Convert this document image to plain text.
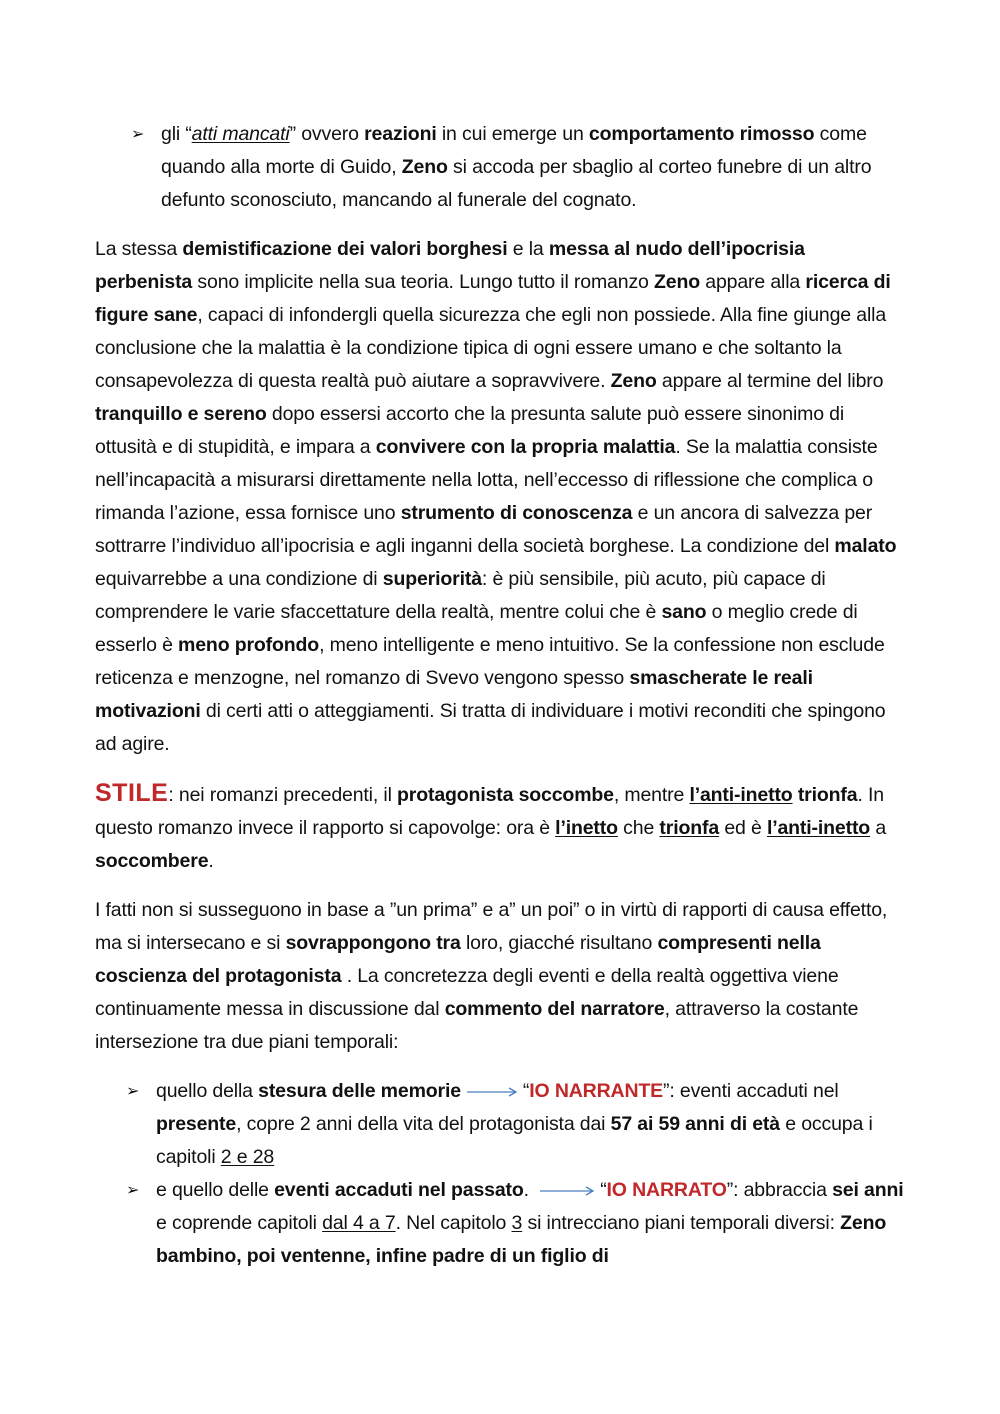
➢ gli “atti mancati” ovvero reazioni in cui emerge un comportamento rimosso come quando alla morte di Guido, Zeno si accoda per sbaglio al corteo funebre di un altro defunto sconosciuto, mancando al funerale del cognato.

La stessa demistificazione dei valori borghesi e la messa al nudo dell’ipocrisia perbenista sono implicite nella sua teoria. Lungo tutto il romanzo Zeno appare alla ricerca di figure sane, capaci di infondergli quella sicurezza che egli non possiede. Alla fine giunge alla conclusione che la malattia è la condizione tipica di ogni essere umano e che soltanto la consapevolezza di questa realtà può aiutare a sopravvivere. Zeno appare al termine del libro tranquillo e sereno dopo essersi accorto che la presunta salute può essere sinonimo di ottusità e di stupidità, e impara a convivere con la propria malattia. Se la malattia consiste nell’incapacità a misurarsi direttamente nella lotta, nell’eccesso di riflessione che complica o rimanda l’azione, essa fornisce uno strumento di conoscenza e un ancora di salvezza per sottrarre l’individuo all’ipocrisia e agli inganni della società borghese. La condizione del malato equivarrebbe a una condizione di superiorità: è più sensibile, più acuto, più capace di comprendere le varie sfaccettature della realtà, mentre colui che è sano o meglio crede di esserlo è meno profondo, meno intelligente e meno intuitivo. Se la confessione non esclude reticenza e menzogne, nel romanzo di Svevo vengono spesso smascherate le reali motivazioni di certi atti o atteggiamenti. Si tratta di individuare i motivi reconditi che spingono ad agire.

STILE: nei romanzi precedenti, il protagonista soccombe, mentre l’anti-inetto trionfa. In questo romanzo invece il rapporto si capovolge: ora è l’inetto che trionfa ed è l’anti-inetto a soccombere.

I fatti non si susseguono in base a ”un prima” e a” un poi” o in virtù di rapporti di causa effetto, ma si intersecano e si sovrappongono tra loro, giacché risultano compresenti nella coscienza del protagonista . La concretezza degli eventi e della realtà oggettiva viene continuamente messa in discussione dal commento del narratore, attraverso la costante intersezione tra due piani temporali:

➢ quello della stesura delle memorie	“IO NARRANTE”: eventi accaduti nel presente, copre 2 anni della vita del protagonista dai 57 ai 59 anni di età e occupa i capitoli 2 e 28
➢ e quello delle eventi accaduti nel passato.	“IO NARRATO”: abbraccia sei anni e coprende capitoli dal 4 a 7. Nel capitolo 3 si intrecciano piani temporali diversi: Zeno bambino, poi ventenne, infine padre di un figlio di
